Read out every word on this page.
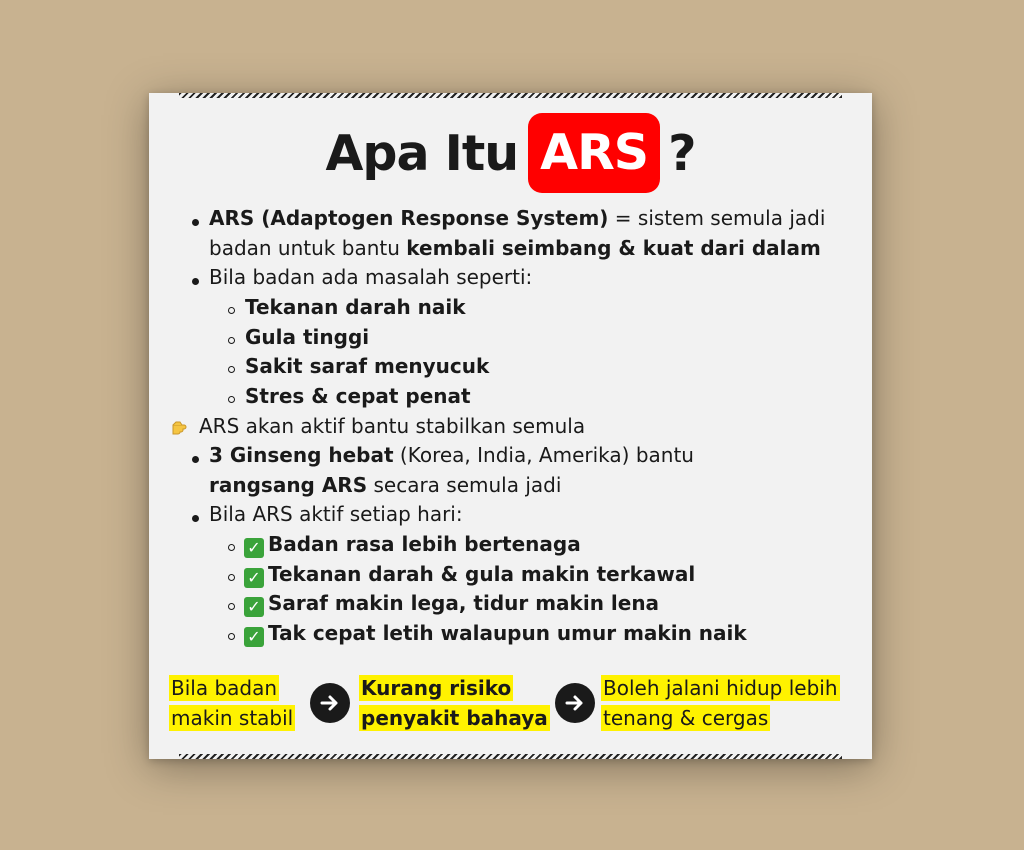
Apa Itu ARS ?
ARS (Adaptogen Response System) = sistem semula jadi
badan untuk bantu kembali seimbang & kuat dari dalam
Bila badan ada masalah seperti:
Tekanan darah naik
Gula tinggi
Sakit saraf menyucuk
Stres & cepat penat
ARS akan aktif bantu stabilkan semula
3 Ginseng hebat (Korea, India, Amerika) bantu
rangsang ARS secara semula jadi
Bila ARS aktif setiap hari:
✓ Badan rasa lebih bertenaga
✓ Tekanan darah & gula makin terkawal
✓ Saraf makin lega, tidur makin lena
✓ Tak cepat letih walaupun umur makin naik
Bila badan
makin stabil
Kurang risiko
penyakit bahaya
Boleh jalani hidup lebih
tenang & cergas
